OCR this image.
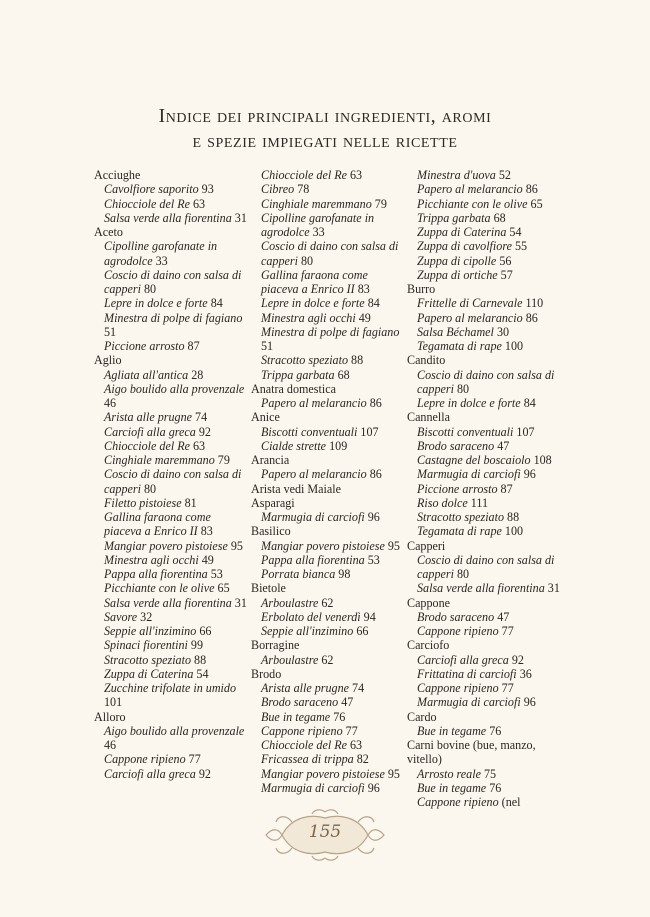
Indice dei principali ingredienti, aromi
e spezie impiegati nelle ricette
Acciughe
Cavolfiore saporito 93
Chiocciole del Re 63
Salsa verde alla fiorentina 31
Aceto
Cipolline garofanate in agrodolce 33
Coscio di daino con salsa di capperi 80
Lepre in dolce e forte 84
Minestra di polpe di fagiano 51
Piccione arrosto 87
Aglio
Agliata all'antica 28
Aigo boulido alla provenzale 46
Arista alle prugne 74
Carciofi alla greca 92
Chiocciole del Re 63
Cinghiale maremmano 79
Coscio di daino con salsa di capperi 80
Filetto pistoiese 81
Gallina faraona come piaceva a Enrico II 83
Mangiar povero pistoiese 95
Minestra agli occhi 49
Pappa alla fiorentina 53
Picchiante con le olive 65
Salsa verde alla fiorentina 31
Savore 32
Seppie all'inzimino 66
Spinaci fiorentini 99
Stracotto speziato 88
Zuppa di Caterina 54
Zucchine trifolate in umido 101
Alloro
Aigo boulido alla provenzale 46
Cappone ripieno 77
Carciofi alla greca 92
Chiocciole del Re 63
Cibreo 78
Cinghiale maremmano 79
Cipolline garofanate in agrodolce 33
Coscio di daino con salsa di capperi 80
Gallina faraona come piaceva a Enrico II 83
Lepre in dolce e forte 84
Minestra agli occhi 49
Minestra di polpe di fagiano 51
Stracotto speziato 88
Trippa garbata 68
Anatra domestica
Papero al melarancio 86
Anice
Biscotti conventuali 107
Cialde strette 109
Arancia
Papero al melarancio 86
Arista vedi Maiale
Asparagi
Marmugia di carciofi 96
Basilico
Mangiar povero pistoiese 95
Pappa alla fiorentina 53
Porrata bianca 98
Bietole
Arboulastre 62
Erbolato del venerdì 94
Seppie all'inzimino 66
Borragine
Arboulastre 62
Brodo
Arista alle prugne 74
Brodo saraceno 47
Bue in tegame 76
Cappone ripieno 77
Chiocciole del Re 63
Fricassea di trippa 82
Mangiar povero pistoiese 95
Marmugia di carciofi 96
Minestra d'uova 52
Papero al melarancio 86
Picchiante con le olive 65
Trippa garbata 68
Zuppa di Caterina 54
Zuppa di cavolfiore 55
Zuppa di cipolle 56
Zuppa di ortiche 57
Burro
Frittelle di Carnevale 110
Papero al melarancio 86
Salsa Béchamel 30
Tegamata di rape 100
Candito
Coscio di daino con salsa di capperi 80
Lepre in dolce e forte 84
Cannella
Biscotti conventuali 107
Brodo saraceno 47
Castagne del boscaiolo 108
Marmugia di carciofi 96
Piccione arrosto 87
Riso dolce 111
Stracotto speziato 88
Tegamata di rape 100
Capperi
Coscio di daino con salsa di capperi 80
Salsa verde alla fiorentina 31
Cappone
Brodo saraceno 47
Cappone ripieno 77
Carciofo
Carciofi alla greca 92
Frittatina di carciofi 36
Cappone ripieno 77
Marmugia di carciofi 96
Cardo
Bue in tegame 76
Carni bovine (bue, manzo, vitello)
Arrosto reale 75
Bue in tegame 76
Cappone ripieno (nel
155
